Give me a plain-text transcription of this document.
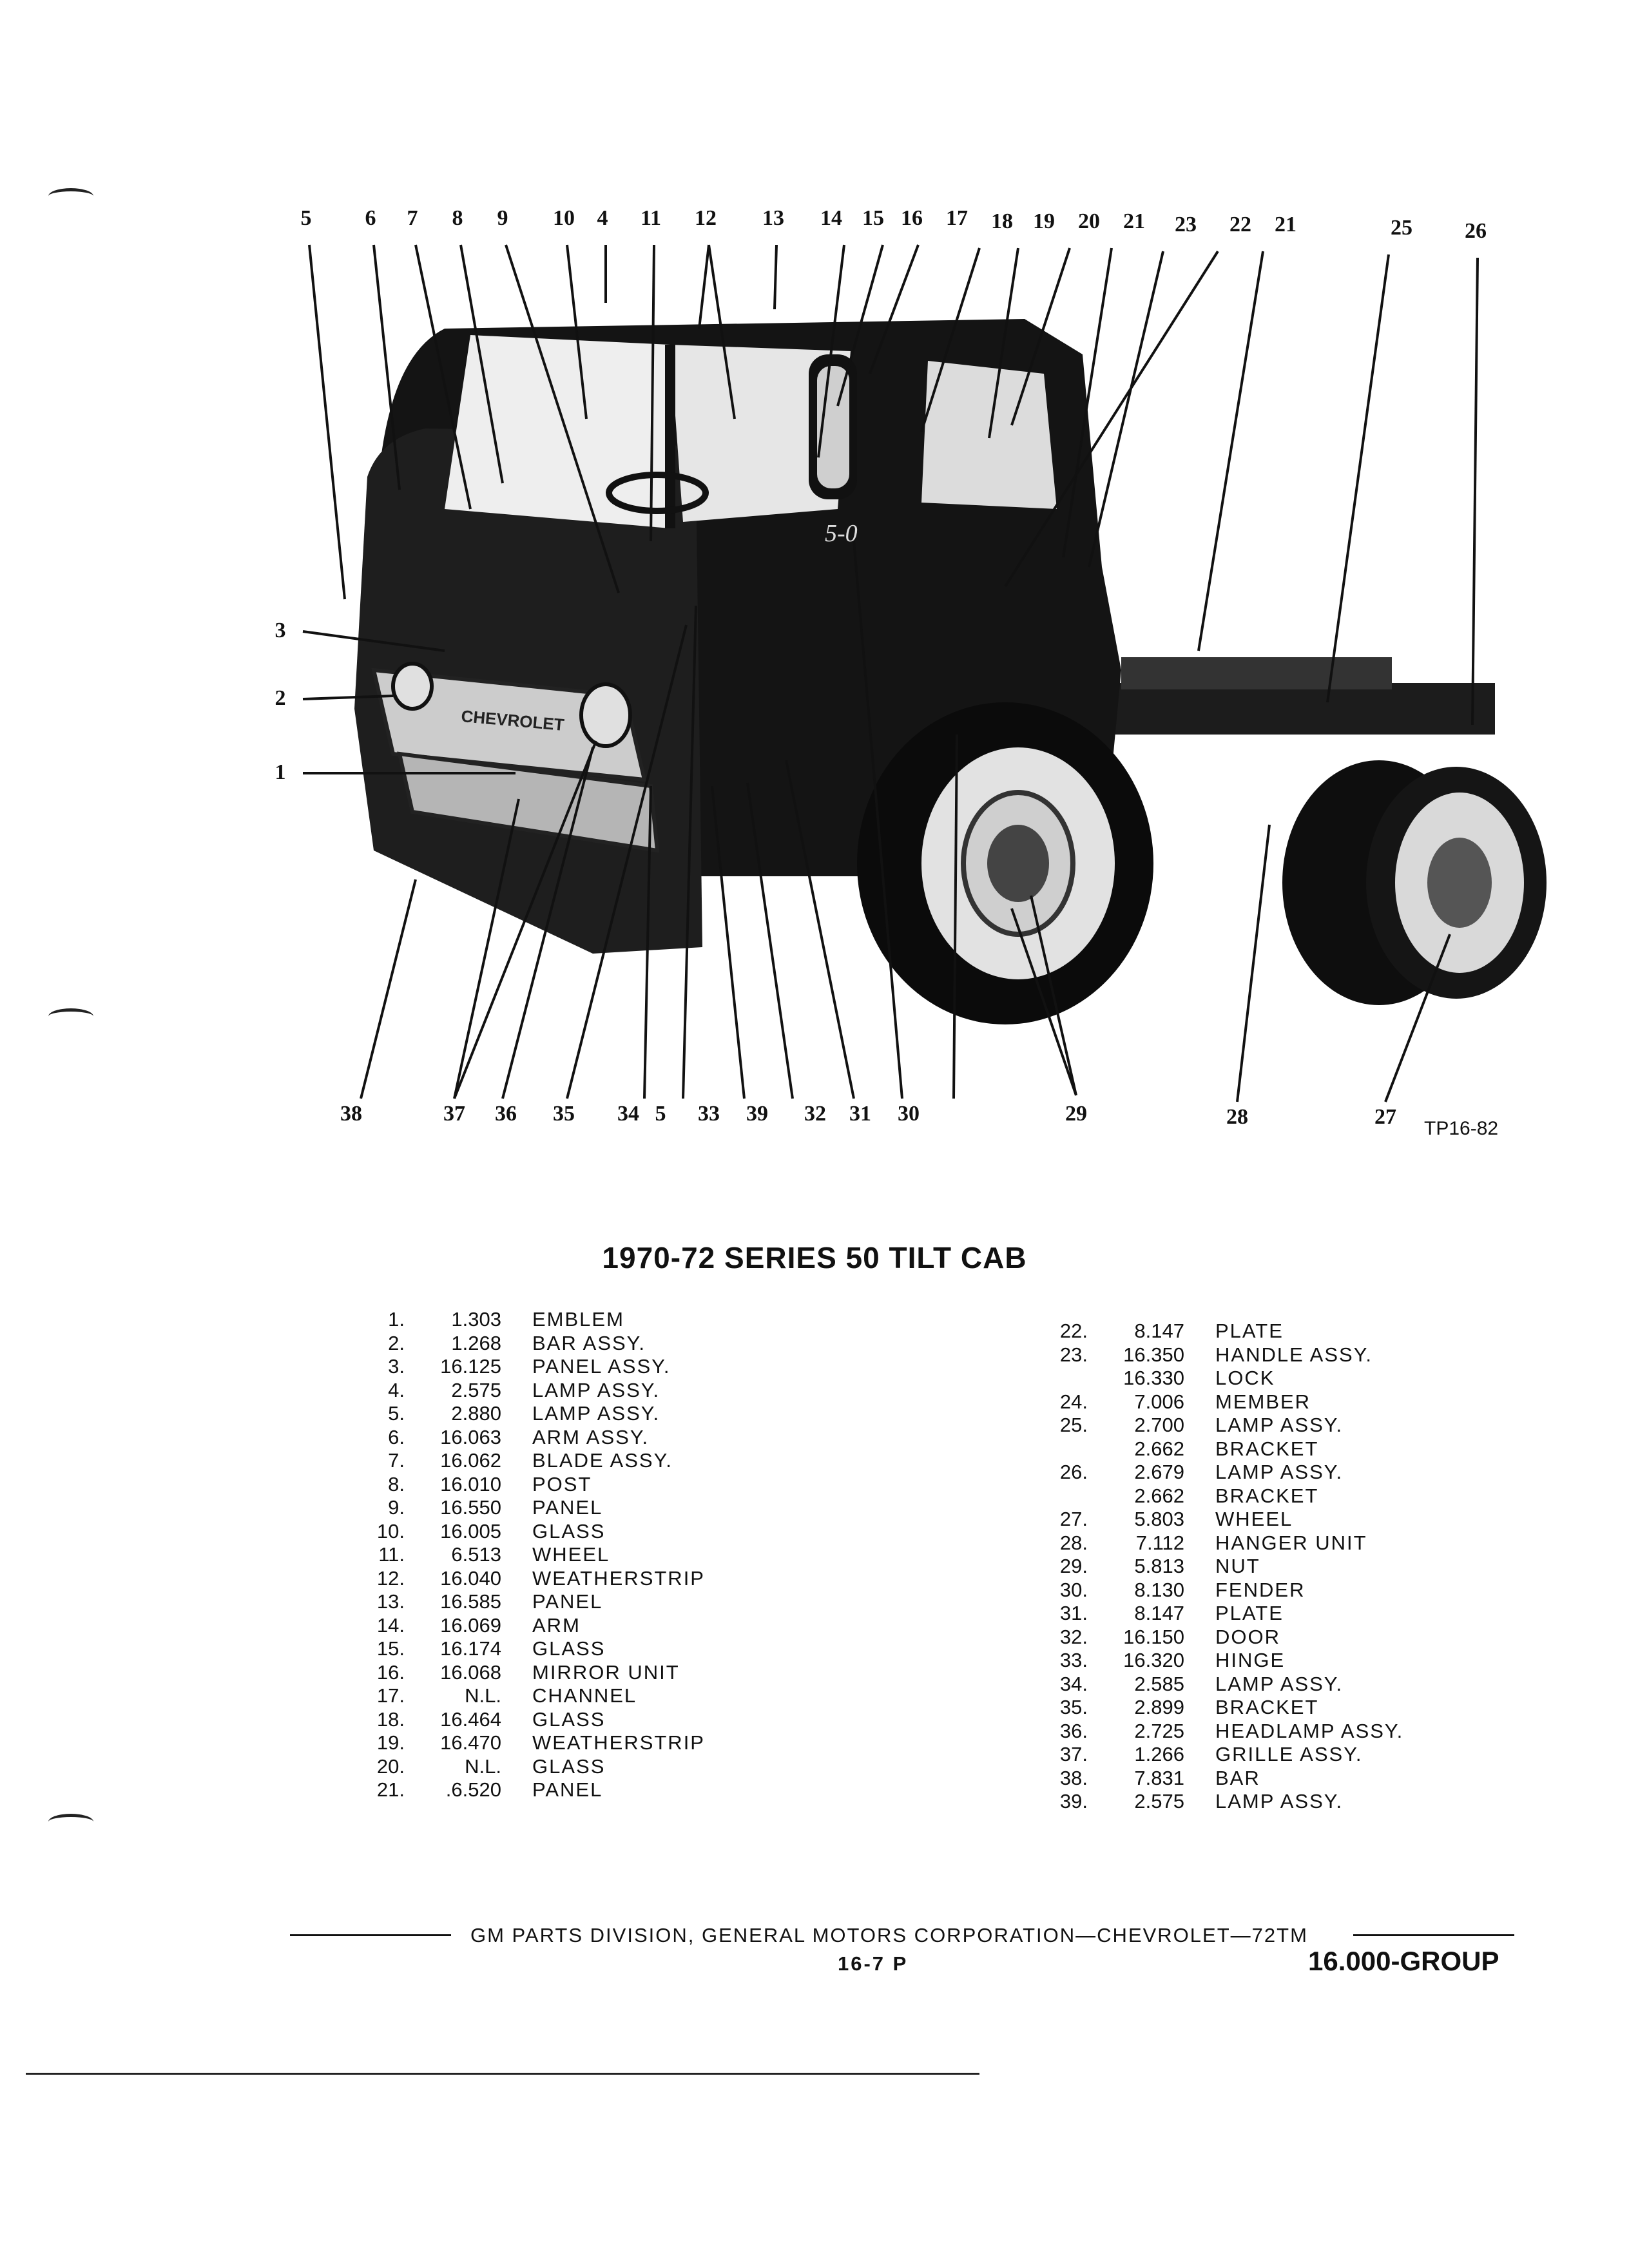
CHEVROLET
5-0
5	6	7	8	9	10	4	11	12	13	14 15 16	17	18 19	20	21	23	22	21	25	26
3
2
1
38	37	36	35	34 5	33	39	32	31	30	29	28	27	TP16-82
1970-72 SERIES 50 TILT CAB
1.	1.303	EMBLEM
2.	1.268	BAR ASSY.
3.	16.125	PANEL ASSY.
4.	2.575	LAMP ASSY.
5.	2.880	LAMP ASSY.
6.	16.063	ARM ASSY.
7.	16.062	BLADE ASSY.
8.	16.010	POST
9.	16.550	PANEL
10.	16.005	GLASS
11.	6.513	WHEEL
12.	16.040	WEATHERSTRIP
13.	16.585	PANEL
14.	16.069	ARM
15.	16.174	GLASS
16.	16.068	MIRROR UNIT
17.	N.L.	CHANNEL
18.	16.464	GLASS
19.	16.470	WEATHERSTRIP
20.	N.L.	GLASS
21.	.6.520	PANEL
22.	8.147	PLATE
23.	16.350	HANDLE ASSY.
16.330	LOCK
24.	7.006	MEMBER
25.	2.700	LAMP ASSY.
2.662	BRACKET
26.	2.679	LAMP ASSY.
2.662	BRACKET
27.	5.803	WHEEL
28.	7.112	HANGER UNIT
29.	5.813	NUT
30.	8.130	FENDER
31.	8.147	PLATE
32.	16.150	DOOR
33.	16.320	HINGE
34.	2.585	LAMP ASSY.
35.	2.899	BRACKET
36.	2.725	HEADLAMP ASSY.
37.	1.266	GRILLE ASSY.
38.	7.831	BAR
39.	2.575	LAMP ASSY.
GM PARTS DIVISION, GENERAL MOTORS CORPORATION—CHEVROLET—72TM
16-7 P	16.000-GROUP
